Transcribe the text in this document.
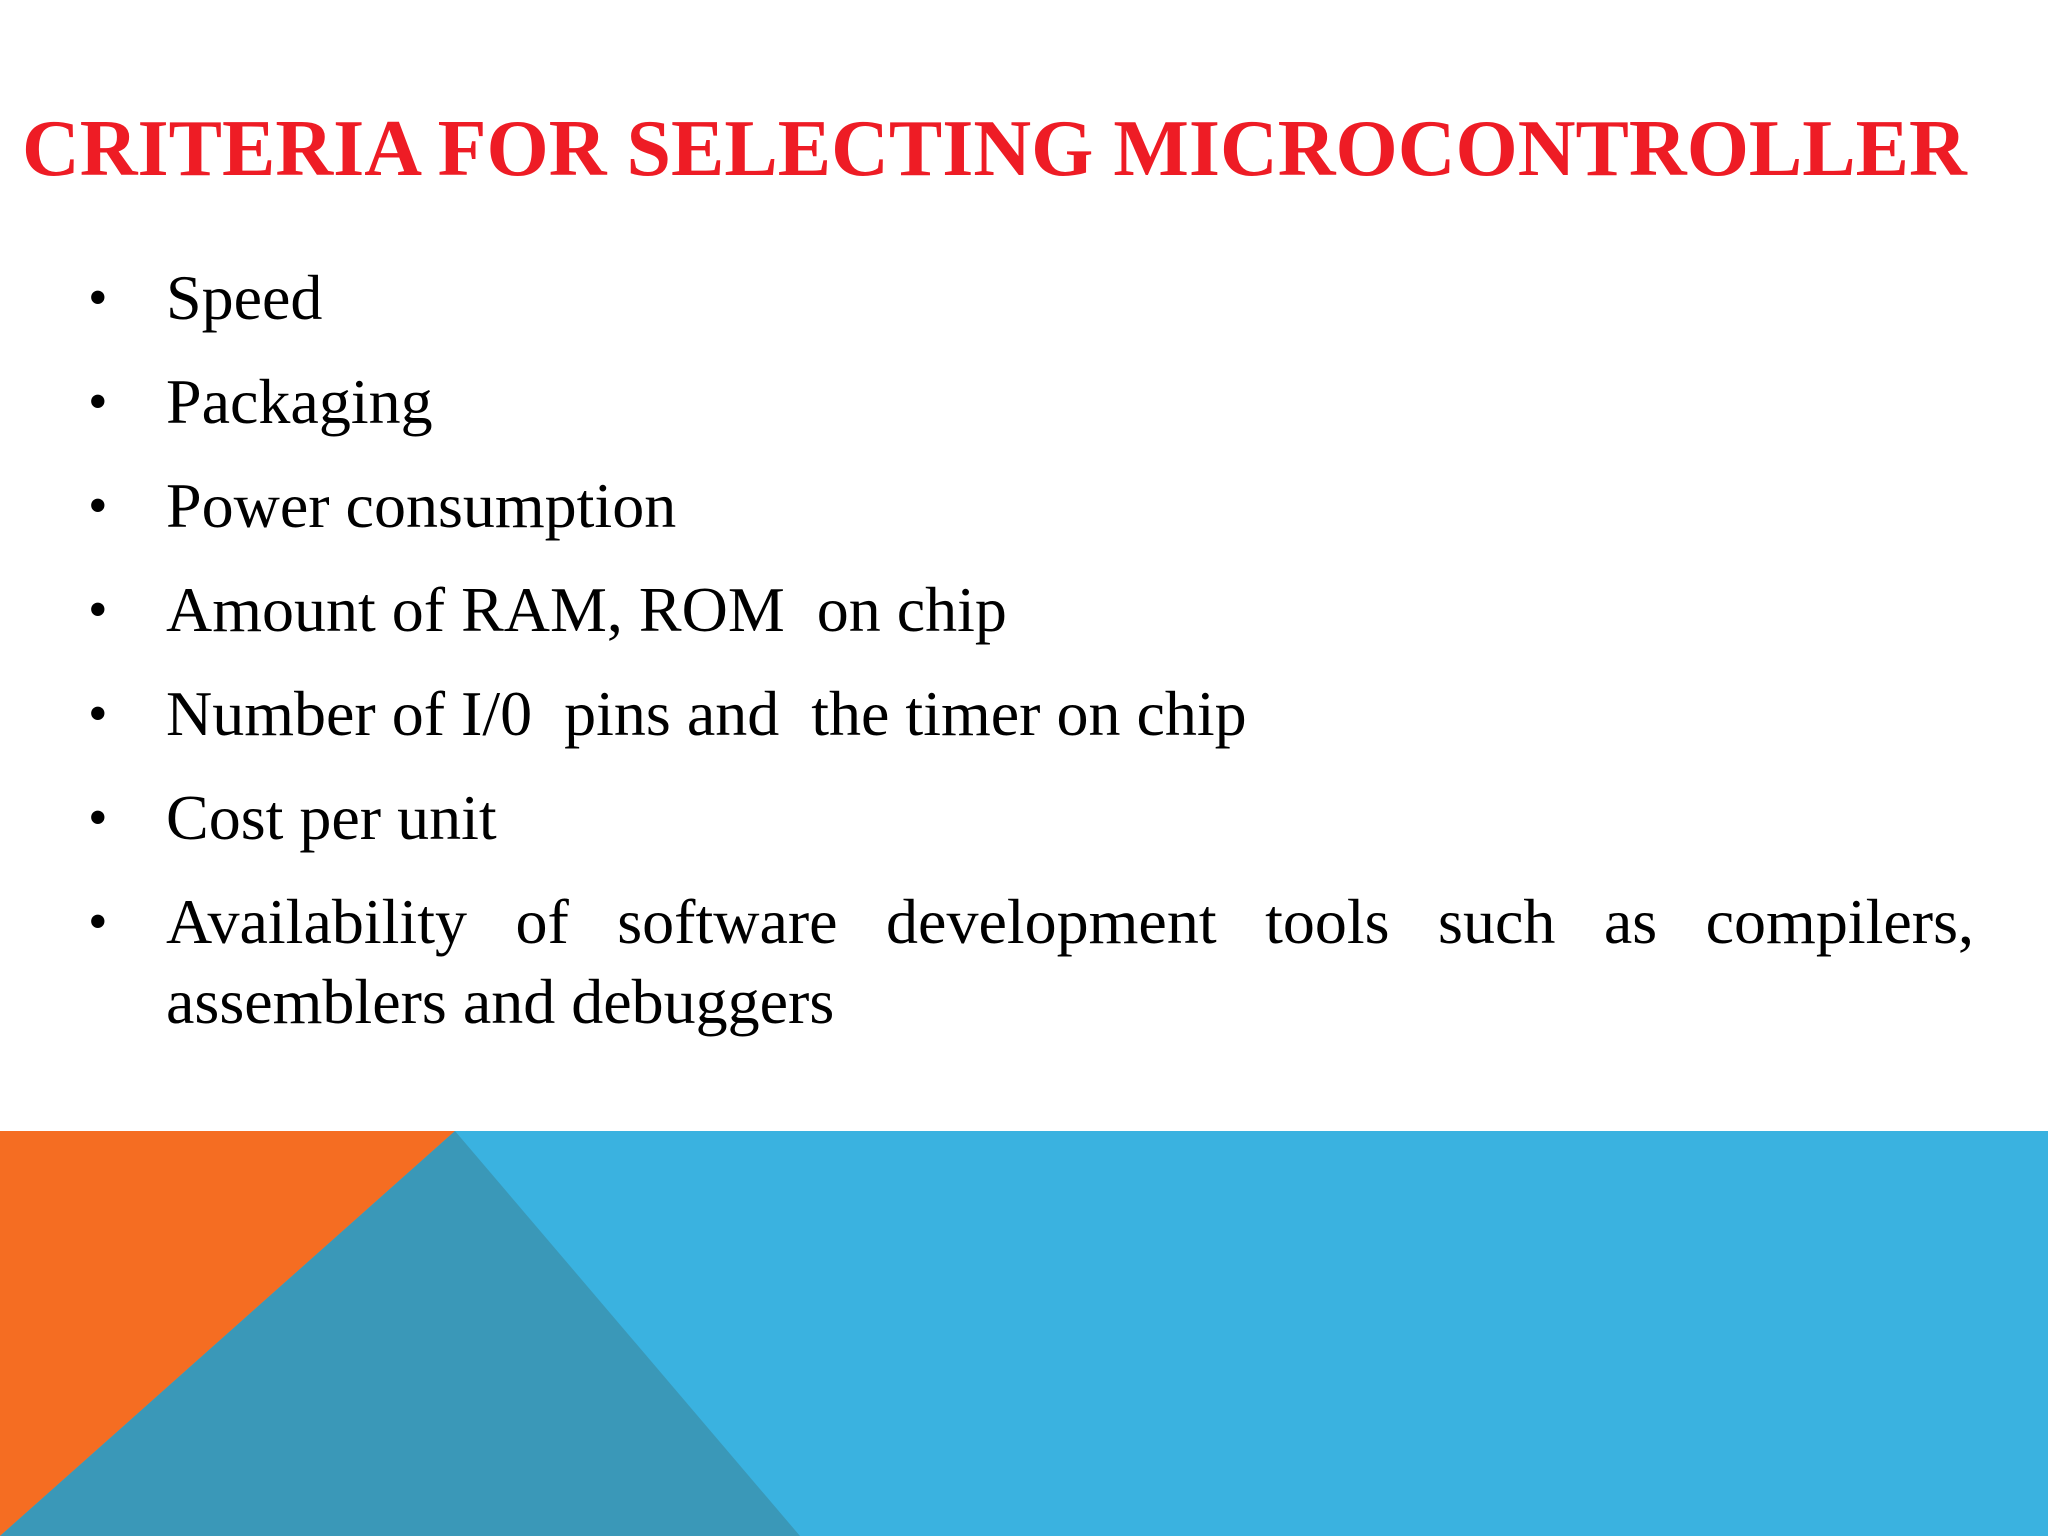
CRITERIA FOR SELECTING MICROCONTROLLER
• Speed
• Packaging
• Power consumption
• Amount of RAM, ROM  on chip
• Number of I/0  pins and  the timer on chip
• Cost per unit
• Availability of software development tools such as compilers, assemblers and debuggers
